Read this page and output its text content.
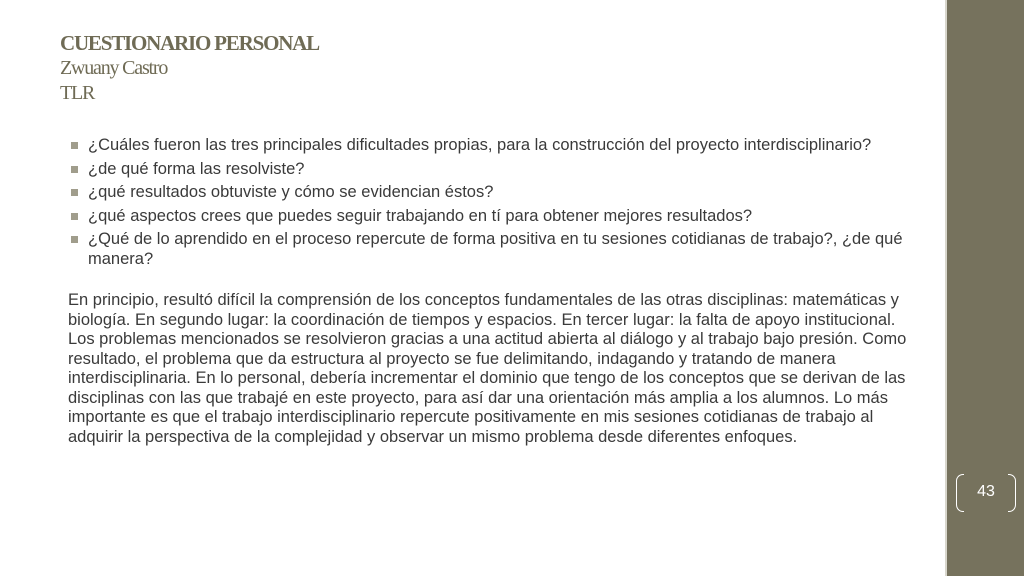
CUESTIONARIO PERSONAL
Zwuany Castro
TLR
¿Cuáles fueron las tres principales dificultades propias, para la construcción del proyecto interdisciplinario?
¿de qué forma las resolviste?
¿qué resultados obtuviste y cómo se evidencian éstos?
¿qué aspectos crees que puedes seguir trabajando en tí para obtener mejores resultados?
¿Qué de lo aprendido en el proceso repercute de forma positiva en tu sesiones cotidianas de trabajo?, ¿de qué manera?

En principio, resultó difícil la comprensión de los conceptos fundamentales de las otras disciplinas: matemáticas y biología. En segundo lugar: la coordinación de tiempos y espacios. En tercer lugar: la falta de apoyo institucional. Los problemas mencionados se resolvieron gracias a una actitud abierta al diálogo y al trabajo bajo presión. Como resultado, el problema que da estructura al proyecto se fue delimitando, indagando y tratando de manera interdisciplinaria. En lo personal, debería incrementar el dominio que tengo de los conceptos que se derivan de las disciplinas con las que trabajé en este proyecto, para así dar una orientación más amplia a los alumnos. Lo más importante es que el trabajo interdisciplinario repercute positivamente en mis sesiones cotidianas de trabajo al adquirir la perspectiva de la complejidad y observar un mismo problema desde diferentes enfoques.

43
